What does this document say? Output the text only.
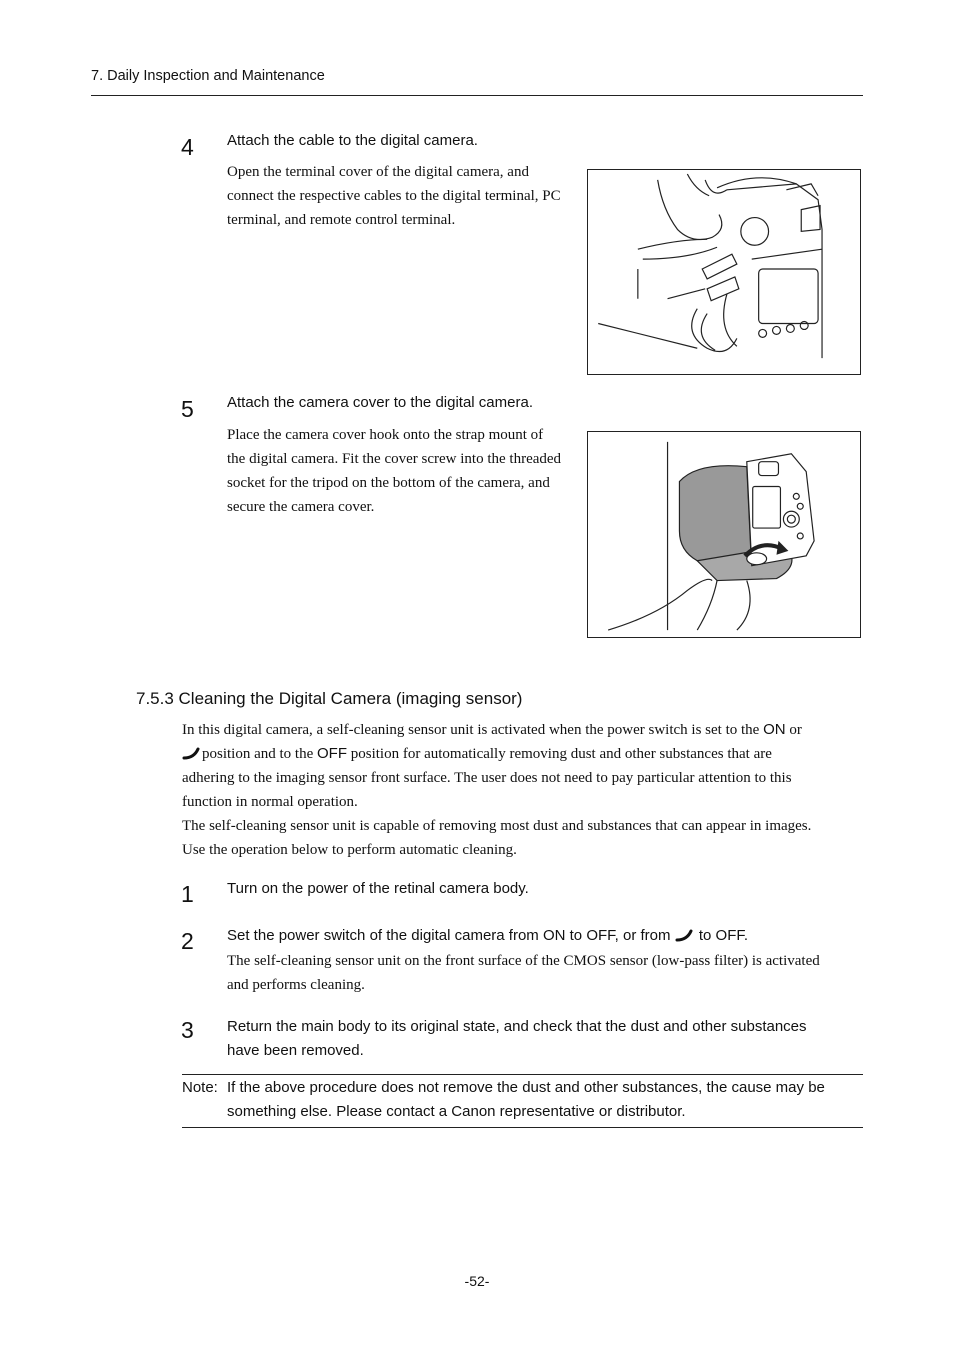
7. Daily Inspection and Maintenance
4 Attach the cable to the digital camera.
Open the terminal cover of the digital camera, and
connect the respective cables to the digital terminal, PC
terminal, and remote control terminal.
5 Attach the camera cover to the digital camera.
Place the camera cover hook onto the strap mount of
the digital camera. Fit the cover screw into the threaded
socket for the tripod on the bottom of the camera, and
secure the camera cover.
7.5.3 Cleaning the Digital Camera (imaging sensor)
In this digital camera, a self-cleaning sensor unit is activated when the power switch is set to the ON or
position and to the OFF position for automatically removing dust and other substances that are
adhering to the imaging sensor front surface. The user does not need to pay particular attention to this
function in normal operation.
The self-cleaning sensor unit is capable of removing most dust and substances that can appear in images.
Use the operation below to perform automatic cleaning.
1 Turn on the power of the retinal camera body.
2 Set the power switch of the digital camera from ON to OFF, or from to OFF.
The self-cleaning sensor unit on the front surface of the CMOS sensor (low-pass filter) is activated
and performs cleaning.
3 Return the main body to its original state, and check that the dust and other substances
have been removed.
Note: If the above procedure does not remove the dust and other substances, the cause may be
something else. Please contact a Canon representative or distributor.
-52-
